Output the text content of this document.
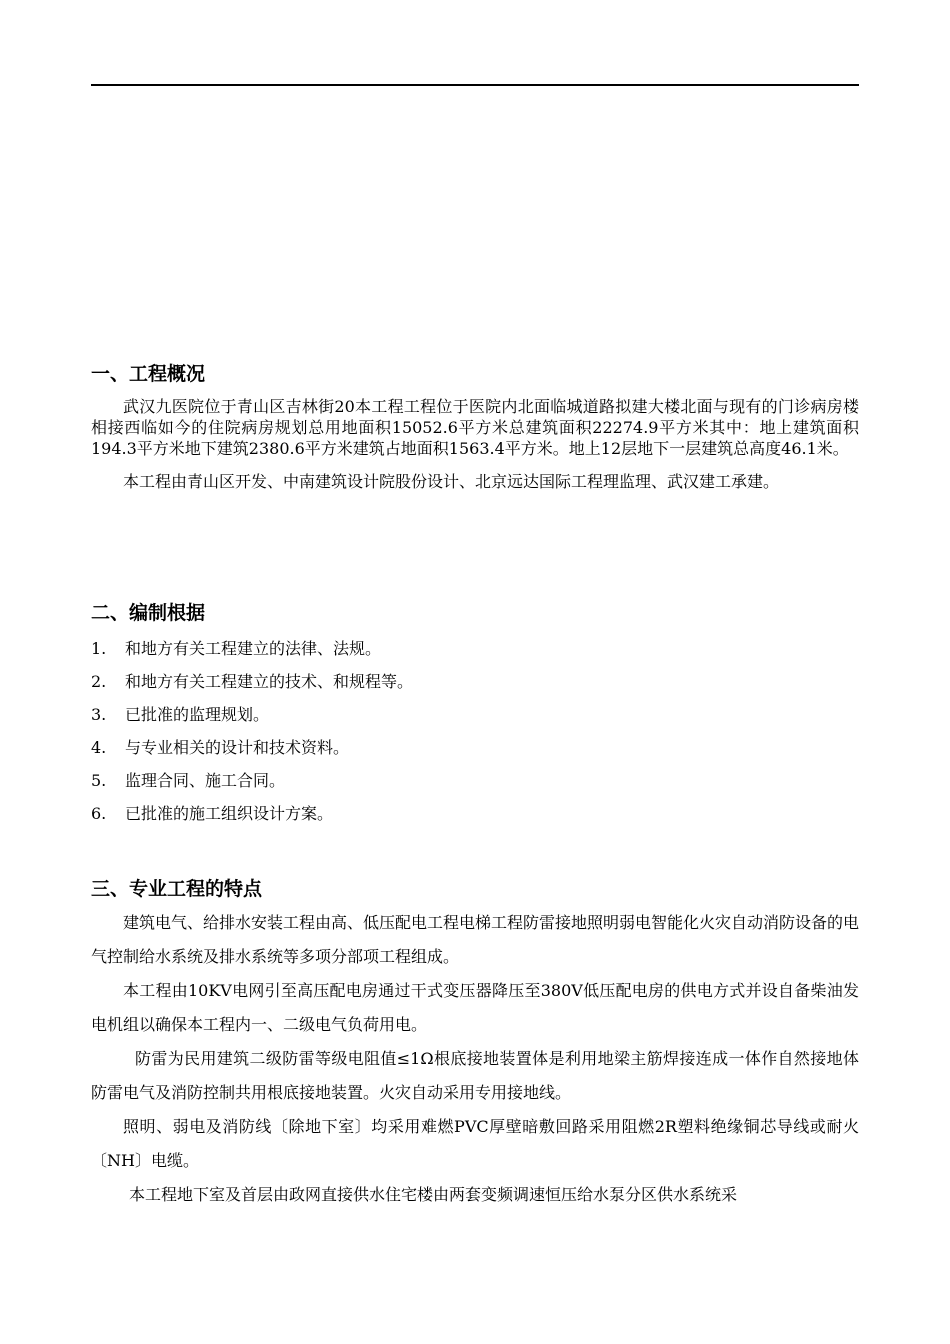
一、工程概况

武汉九医院位于青山区吉林街20本工程工程位于医院内北面临城道路拟建大楼北面与现有的门诊病房楼相接西临如今的住院病房规划总用地面积15052.6平方米总建筑面积22274.9平方米其中：地上建筑面积194.3平方米地下建筑2380.6平方米建筑占地面积1563.4平方米。地上12层地下一层建筑总高度46.1米。

本工程由青山区开发、中南建筑设计院股份设计、北京远达国际工程理监理、武汉建工承建。

二、编制根据
1. 和地方有关工程建立的法律、法规。
2. 和地方有关工程建立的技术、和规程等。
3. 已批准的监理规划。
4. 与专业相关的设计和技术资料。
5. 监理合同、施工合同。
6. 已批准的施工组织设计方案。
三、专业工程的特点

建筑电气、给排水安装工程由高、低压配电工程电梯工程防雷接地照明弱电智能化火灾自动消防设备的电气控制给水系统及排水系统等多项分部项工程组成。

本工程由10KV电网引至高压配电房通过干式变压器降压至380V低压配电房的供电方式并设自备柴油发电机组以确保本工程内一、二级电气负荷用电。

防雷为民用建筑二级防雷等级电阻值≤1Ω根底接地装置体是利用地梁主筋焊接连成一体作自然接地体防雷电气及消防控制共用根底接地装置。火灾自动采用专用接地线。

照明、弱电及消防线〔除地下室〕均采用难燃PVC厚壁暗敷回路采用阻燃2R塑料绝缘铜芯导线或耐火〔NH〕电缆。

本工程地下室及首层由政网直接供水住宅楼由两套变频调速恒压给水泵分区供水系统采
